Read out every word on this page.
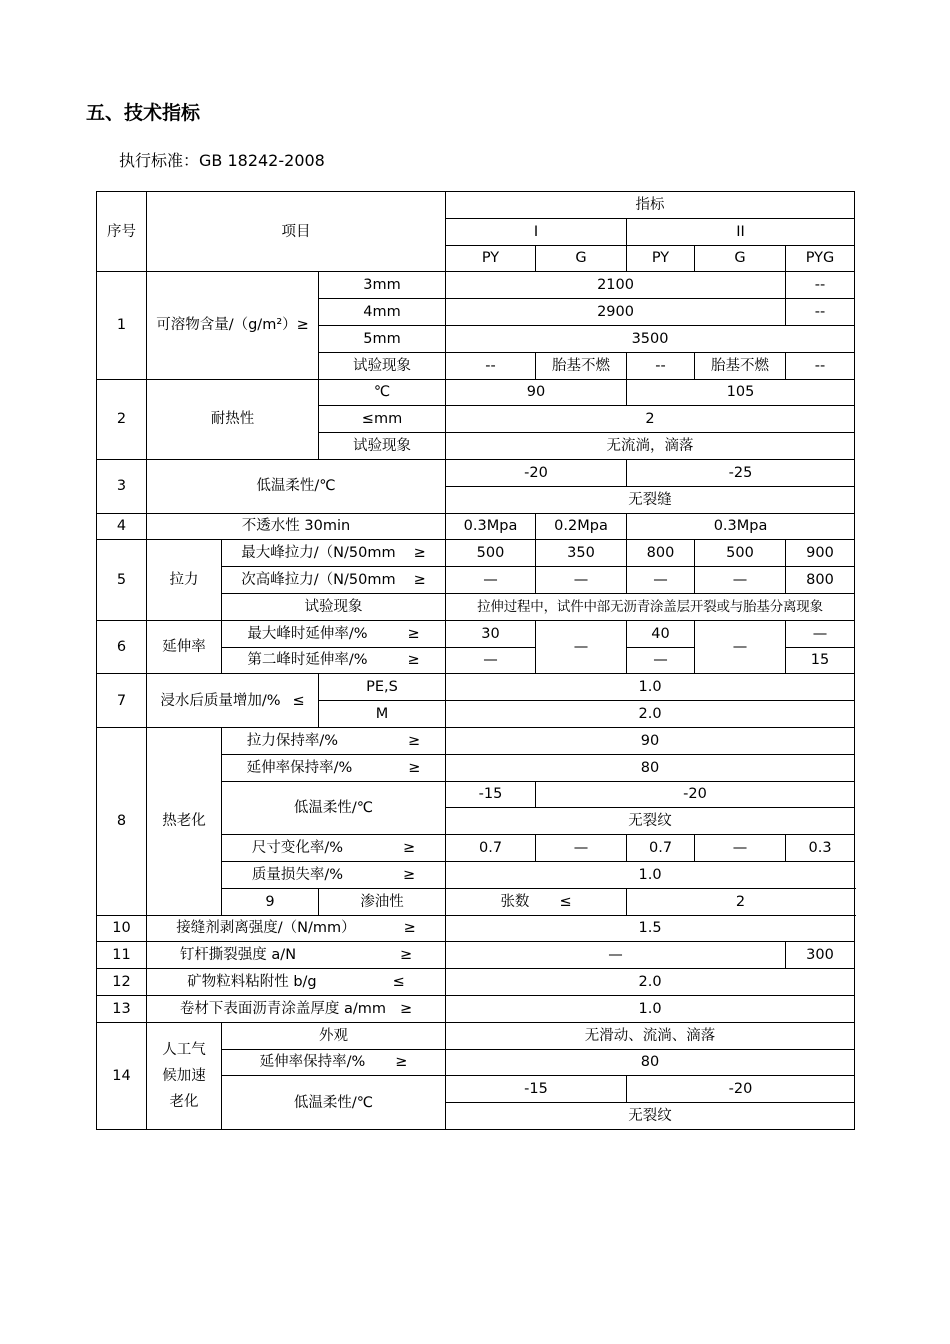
五、技术指标
执行标准：GB 18242-2008
序号	项目			指标				
				I		II		
				PY	G	PY	G	PYG
1	可溶物含量/（g/m²）≥		3mm	2100				--
			4mm	2900				--
			5mm	3500				
			试验现象	--	胎基不燃	--	胎基不燃	--
2	耐热性		℃	90		105		
			≤mm	2				
			试验现象	无流淌，滴落				
3	低温柔性/℃			-20		-25		
				无裂缝				
4	不透水性 30min			0.3Mpa	0.2Mpa	0.3Mpa		
5	拉力	最大峰拉力/（N/50mm ≥		500	350	800	500	900
		次高峰拉力/（N/50mm ≥		—	—	—	—	800
		试验现象		拉伸过程中，试件中部无沥青涂盖层开裂或与胎基分离现象				
6	延伸率	最大峰时延伸率/% ≥		30	—	40	—	—
		第二峰时延伸率/% ≥		—		—		15
7	浸水后质量增加/% ≤		PE,S	1.0				
			M	2.0				
8	热老化	拉力保持率/% ≥		90				
		延伸率保持率/% ≥		80				
		低温柔性/℃		-15	-20			
				无裂纹				
		尺寸变化率/% ≥		0.7	—	0.7	—	0.3
		质量损失率/% ≥		1.0				
		9	渗油性	张数 ≤		2		
10	接缝剂剥离强度/（N/mm） ≥			1.5				
11	钉杆撕裂强度 a/N ≥			—				300
12	矿物粒料粘附性 b/g ≤			2.0				
13	卷材下表面沥青涂盖厚度 a/mm ≥			1.0				
14	人工气候加速老化	外观		无滑动、流淌、滴落				
		延伸率保持率/% ≥		80				
		低温柔性/℃		-15		-20		
				无裂纹				
